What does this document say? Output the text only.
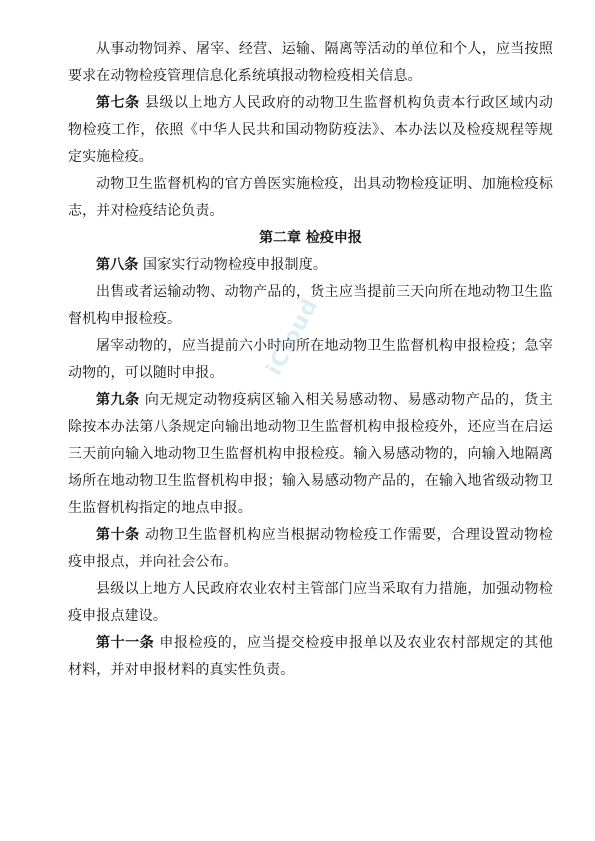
从事动物饲养、屠宰、经营、运输、隔离等活动的单位和个人，应当按照要求在动物检疫管理信息化系统填报动物检疫相关信息。

第七条 县级以上地方人民政府的动物卫生监督机构负责本行政区域内动物检疫工作，依照《中华人民共和国动物防疫法》、本办法以及检疫规程等规定实施检疫。

动物卫生监督机构的官方兽医实施检疫，出具动物检疫证明、加施检疫标志，并对检疫结论负责。

第二章 检疫申报

第八条 国家实行动物检疫申报制度。

出售或者运输动物、动物产品的，货主应当提前三天向所在地动物卫生监督机构申报检疫。

屠宰动物的，应当提前六小时向所在地动物卫生监督机构申报检疫；急宰动物的，可以随时申报。

第九条 向无规定动物疫病区输入相关易感动物、易感动物产品的，货主除按本办法第八条规定向输出地动物卫生监督机构申报检疫外，还应当在启运三天前向输入地动物卫生监督机构申报检疫。输入易感动物的，向输入地隔离场所在地动物卫生监督机构申报；输入易感动物产品的，在输入地省级动物卫生监督机构指定的地点申报。

第十条 动物卫生监督机构应当根据动物检疫工作需要，合理设置动物检疫申报点，并向社会公布。

县级以上地方人民政府农业农村主管部门应当采取有力措施，加强动物检疫申报点建设。

第十一条 申报检疫的，应当提交检疫申报单以及农业农村部规定的其他材料，并对申报材料的真实性负责。

iCloud
